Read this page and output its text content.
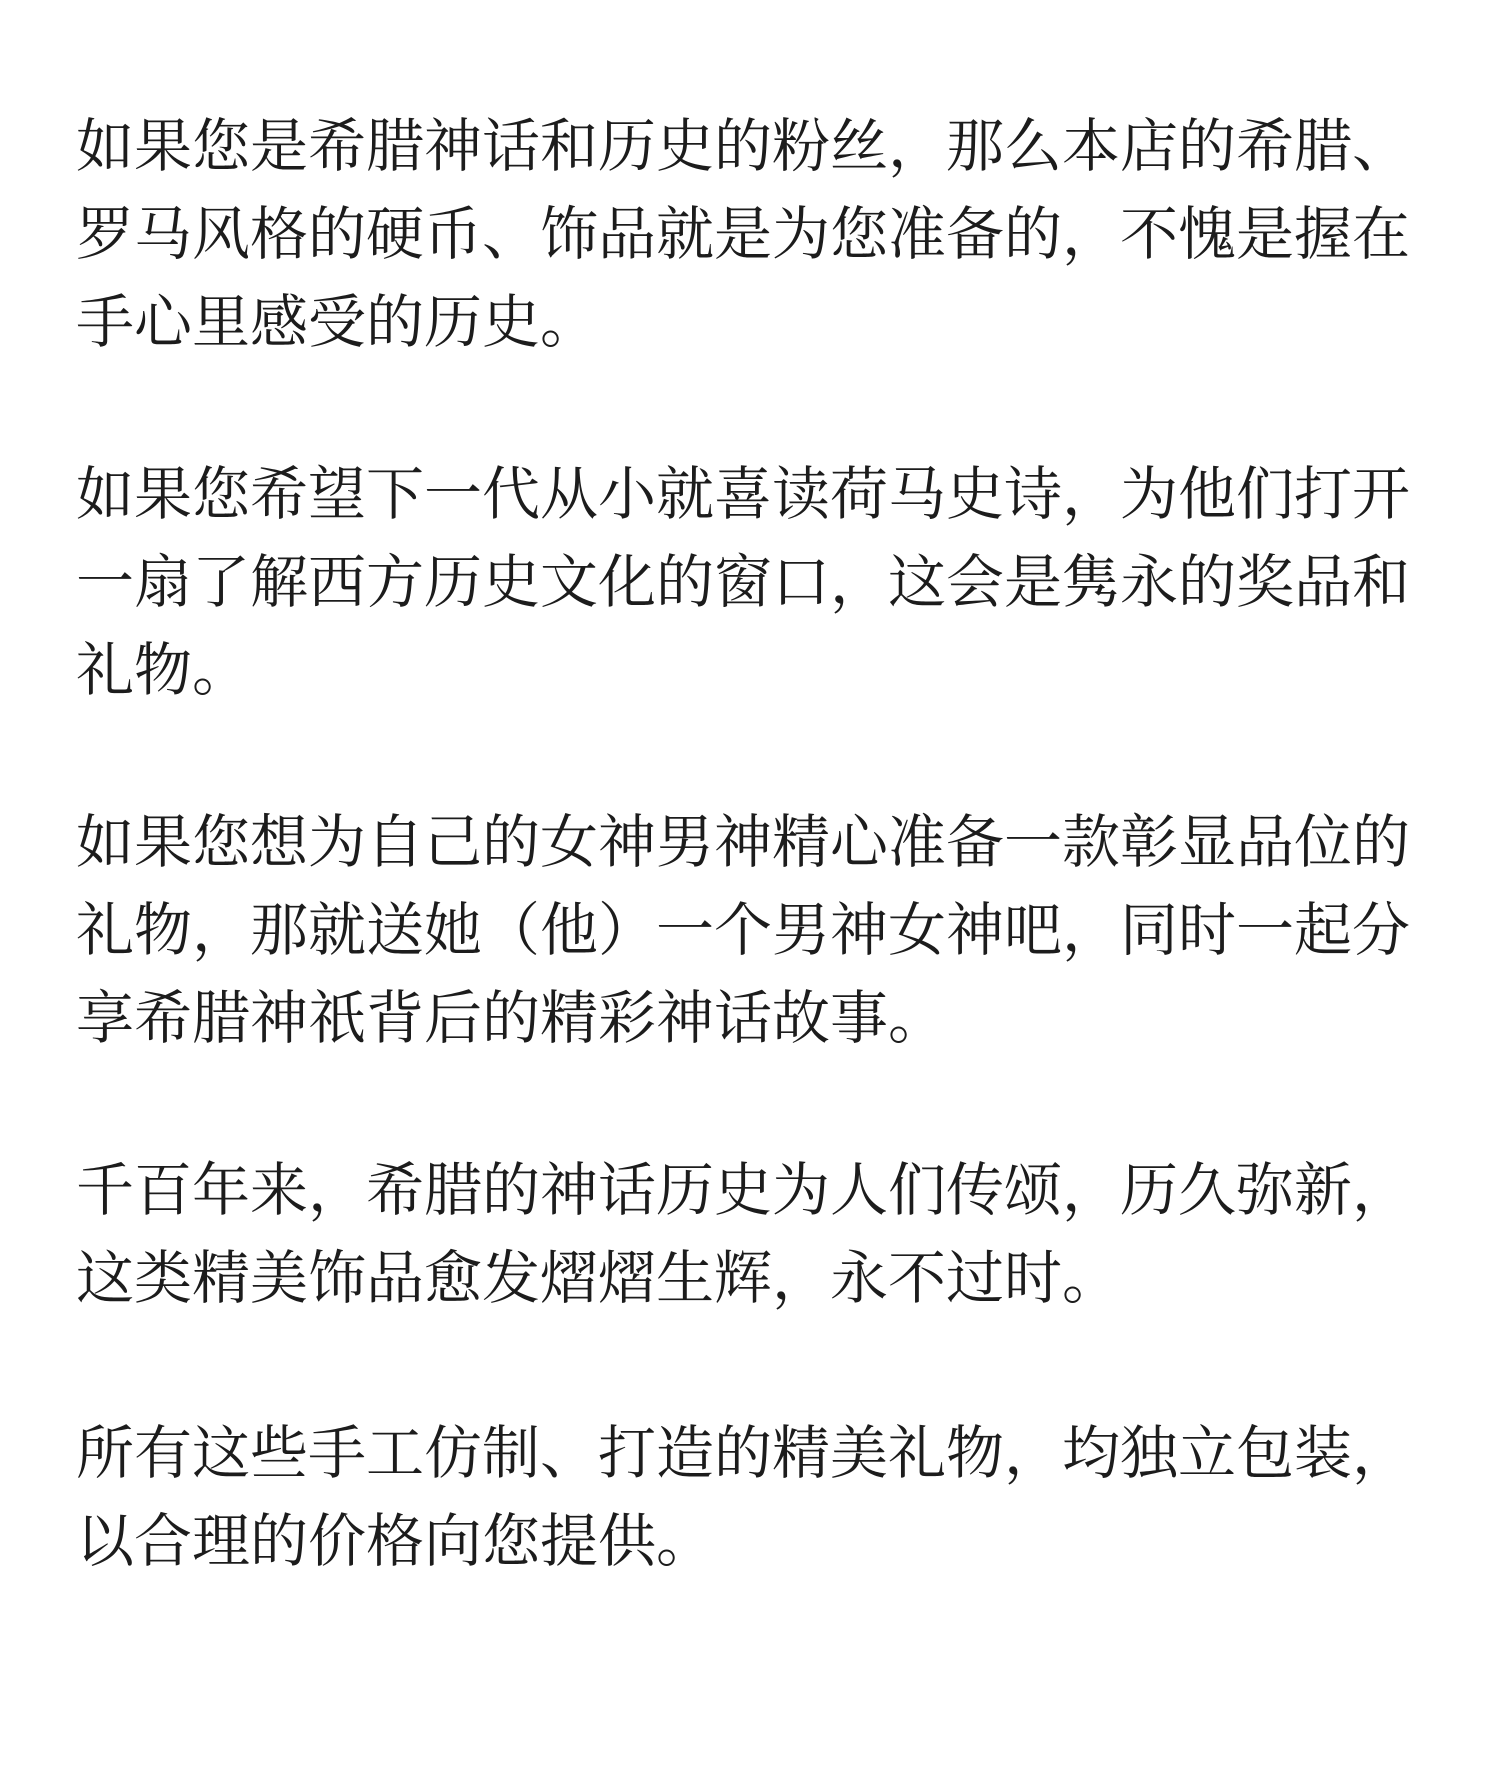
如果您是希腊神话和历史的粉丝，那么本店的希腊、
罗马风格的硬币、饰品就是为您准备的，不愧是握在
手心里感受的历史。
如果您希望下一代从小就喜读荷马史诗，为他们打开
一扇了解西方历史文化的窗口，这会是隽永的奖品和
礼物。
如果您想为自己的女神男神精心准备一款彰显品位的
礼物，那就送她（他）一个男神女神吧，同时一起分
享希腊神祇背后的精彩神话故事。
千百年来，希腊的神话历史为人们传颂，历久弥新，
这类精美饰品愈发熠熠生辉，永不过时。
所有这些手工仿制、打造的精美礼物，均独立包装，
以合理的价格向您提供。
